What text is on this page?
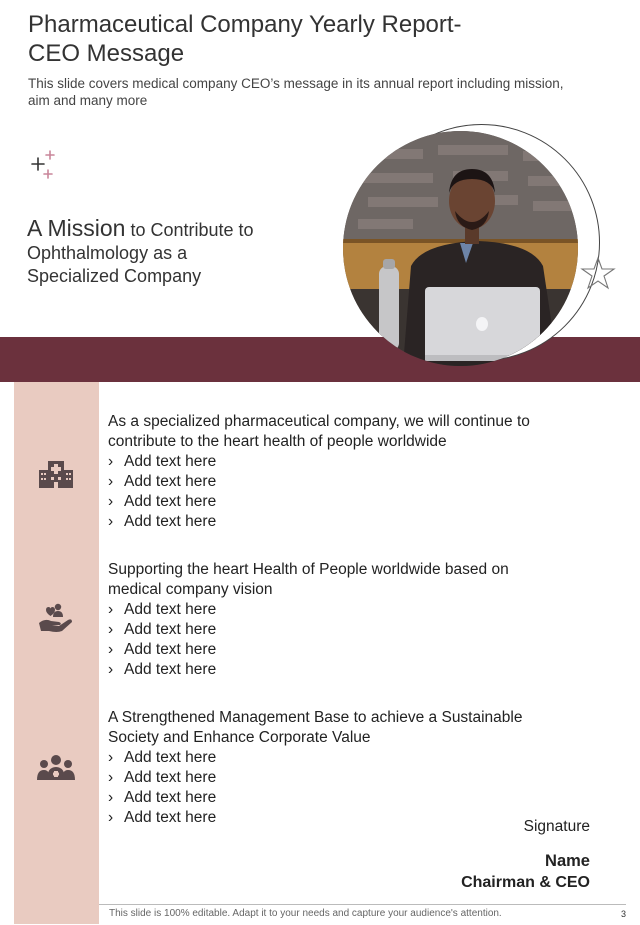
Pharmaceutical Company Yearly Report-
CEO Message
This slide covers medical company CEO’s message in its annual report including mission,
aim and many more
A Mission to Contribute to
Ophthalmology as a
Specialized Company
As a specialized pharmaceutical company, we will continue to
contribute to the heart health of people worldwide
› Add text here
› Add text here
› Add text here
› Add text here
Supporting the heart Health of People worldwide based on
medical company vision
› Add text here
› Add text here
› Add text here
› Add text here
A Strengthened Management Base to achieve a Sustainable
Society and Enhance Corporate Value
› Add text here
› Add text here
› Add text here
› Add text here
Signature
Name
Chairman & CEO
This slide is 100% editable. Adapt it to your needs and capture your audience's attention.	3
